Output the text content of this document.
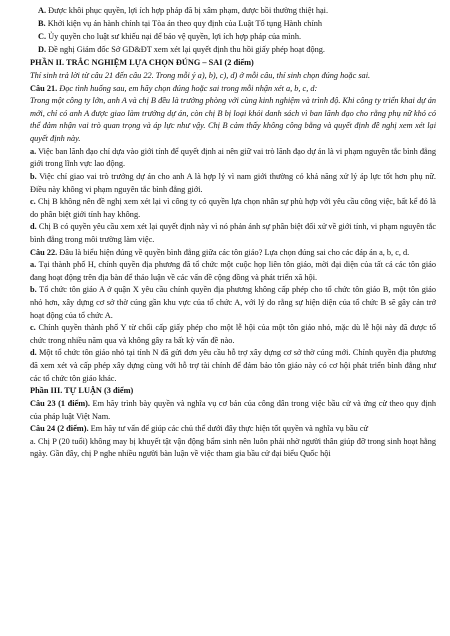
A. Được khôi phục quyền, lợi ích hợp pháp đã bị xâm phạm, được bồi thường thiệt hại.

B. Khởi kiện vụ án hành chính tại Tòa án theo quy định của Luật Tố tụng Hành chính

C. Ủy quyền cho luật sư khiếu nại để bảo vệ quyền, lợi ích hợp pháp của mình.

D. Đề nghị Giám đốc Sở GD&ĐT xem xét lại quyết định thu hồi giấy phép hoạt động.

PHẦN II. TRẮC NGHIỆM LỰA CHỌN ĐÚNG – SAI (2 điểm)

Thí sinh trả lời từ câu 21 đến câu 22. Trong mỗi ý a), b), c), d) ở mỗi câu, thí sinh chọn đúng hoặc sai.

Câu 21. Đọc tình huống sau, em hãy chọn đúng hoặc sai trong mỗi nhận xét a, b, c, d:

Trong một công ty lớn, anh A và chị B đều là trưởng phòng với cùng kinh nghiệm và trình độ. Khi công ty triển khai dự án mới, chỉ có anh A được giao làm trưởng dự án, còn chị B bị loại khỏi danh sách vì ban lãnh đạo cho rằng phụ nữ khó có thể đảm nhận vai trò quan trọng và áp lực như vậy. Chị B cảm thấy không công bằng và quyết định đề nghị xem xét lại quyết định này.

a. Việc ban lãnh đạo chỉ dựa vào giới tính để quyết định ai nên giữ vai trò lãnh đạo dự án là vi phạm nguyên tắc bình đẳng giới trong lĩnh vực lao động.

b. Việc chỉ giao vai trò trưởng dự án cho anh A là hợp lý vì nam giới thường có khả năng xử lý áp lực tốt hơn phụ nữ. Điều này không vi phạm nguyên tắc bình đẳng giới.

c. Chị B không nên đề nghị xem xét lại vì công ty có quyền lựa chọn nhân sự phù hợp với yêu cầu công việc, bất kể đó là do phân biệt giới tính hay không.

d. Chị B có quyền yêu cầu xem xét lại quyết định này vì nó phản ánh sự phân biệt đối xử về giới tính, vi phạm nguyên tắc bình đẳng trong môi trường làm việc.

Câu 22. Đâu là biểu hiện đúng về quyền bình đẳng giữa các tôn giáo? Lựa chọn đúng sai cho các đáp án a, b, c, d.

a. Tại thành phố H, chính quyền địa phương đã tổ chức một cuộc họp liên tôn giáo, mời đại diện của tất cả các tôn giáo đang hoạt động trên địa bàn để thảo luận về các vấn đề cộng đồng và phát triển xã hội.

b. Tổ chức tôn giáo A ở quận X yêu cầu chính quyền địa phương không cấp phép cho tổ chức tôn giáo B, một tôn giáo nhỏ hơn, xây dựng cơ sở thờ cúng gần khu vực của tổ chức A, với lý do rằng sự hiện diện của tổ chức B sẽ gây cản trở hoạt động của tổ chức A.

c. Chính quyền thành phố Y từ chối cấp giấy phép cho một lễ hội của một tôn giáo nhỏ, mặc dù lễ hội này đã được tổ chức trong nhiều năm qua và không gây ra bất kỳ vấn đề nào.

d. Một tổ chức tôn giáo nhỏ tại tỉnh N đã gửi đơn yêu cầu hỗ trợ xây dựng cơ sở thờ cúng mới. Chính quyền địa phương đã xem xét và cấp phép xây dựng cùng với hỗ trợ tài chính để đảm bảo tôn giáo này có cơ hội phát triển bình đẳng như các tổ chức tôn giáo khác.

Phần III. TỰ LUẬN (3 điểm)

Câu 23 (1 điểm). Em hãy trình bày quyền và nghĩa vụ cơ bản của công dân trong việc bầu cử và ứng cử theo quy định của pháp luật Việt Nam.

Câu 24 (2 điểm). Em hãy tư vấn để giúp các chủ thể dưới đây thực hiện tốt quyền và nghĩa vụ bầu cử

a. Chị P (20 tuổi) không may bị khuyết tật vận động bẩm sinh nên luôn phải nhờ người thân giúp đỡ trong sinh hoạt hằng ngày. Gần đây, chị P nghe nhiều người bàn luận về việc tham gia bầu cử đại biểu Quốc hội
